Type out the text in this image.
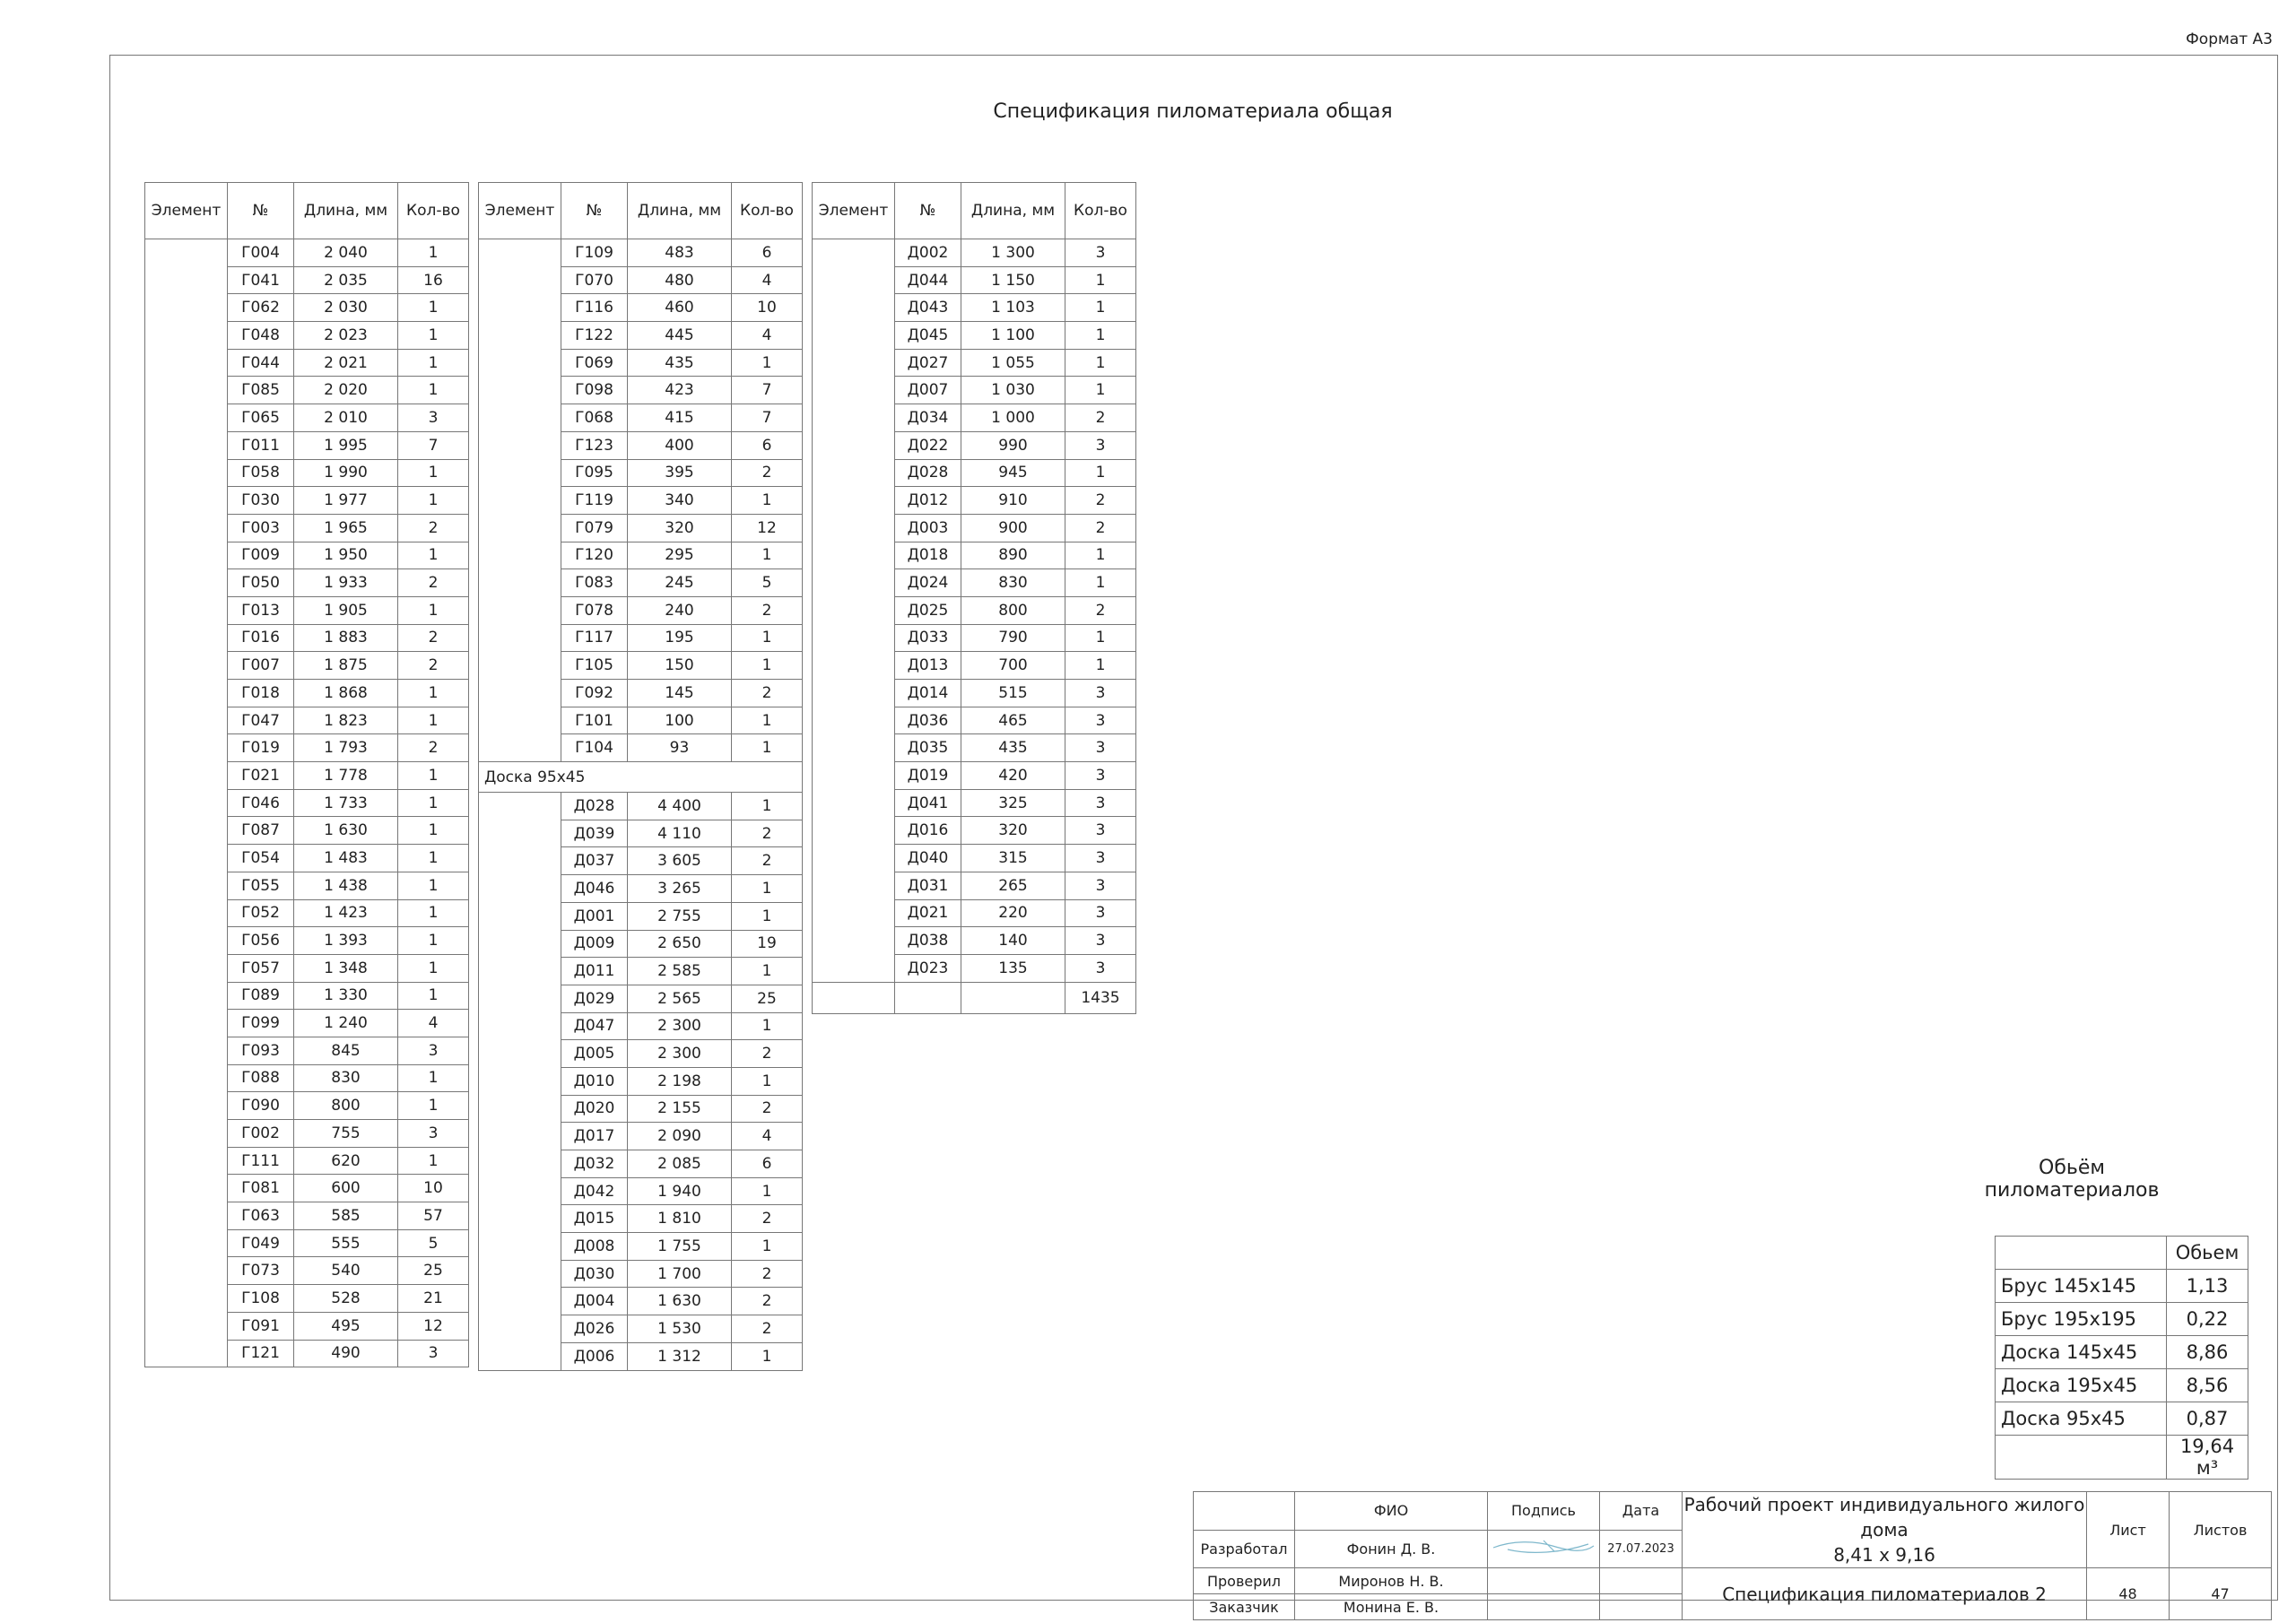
Формат А3
Спецификация пиломатериала общая
Элемент	№	Длина, мм	Кол-во
	Г004	2 040	1
	Г041	2 035	16
	Г062	2 030	1
	Г048	2 023	1
	Г044	2 021	1
	Г085	2 020	1
	Г065	2 010	3
	Г011	1 995	7
	Г058	1 990	1
	Г030	1 977	1
	Г003	1 965	2
	Г009	1 950	1
	Г050	1 933	2
	Г013	1 905	1
	Г016	1 883	2
	Г007	1 875	2
	Г018	1 868	1
	Г047	1 823	1
	Г019	1 793	2
	Г021	1 778	1
	Г046	1 733	1
	Г087	1 630	1
	Г054	1 483	1
	Г055	1 438	1
	Г052	1 423	1
	Г056	1 393	1
	Г057	1 348	1
	Г089	1 330	1
	Г099	1 240	4
	Г093	845	3
	Г088	830	1
	Г090	800	1
	Г002	755	3
	Г111	620	1
	Г081	600	10
	Г063	585	57
	Г049	555	5
	Г073	540	25
	Г108	528	21
	Г091	495	12
	Г121	490	3
Элемент	№	Длина, мм	Кол-во
	Г109	483	6
	Г070	480	4
	Г116	460	10
	Г122	445	4
	Г069	435	1
	Г098	423	7
	Г068	415	7
	Г123	400	6
	Г095	395	2
	Г119	340	1
	Г079	320	12
	Г120	295	1
	Г083	245	5
	Г078	240	2
	Г117	195	1
	Г105	150	1
	Г092	145	2
	Г101	100	1
	Г104	93	1
Доска 95х45			
	Д028	4 400	1
	Д039	4 110	2
	Д037	3 605	2
	Д046	3 265	1
	Д001	2 755	1
	Д009	2 650	19
	Д011	2 585	1
	Д029	2 565	25
	Д047	2 300	1
	Д005	2 300	2
	Д010	2 198	1
	Д020	2 155	2
	Д017	2 090	4
	Д032	2 085	6
	Д042	1 940	1
	Д015	1 810	2
	Д008	1 755	1
	Д030	1 700	2
	Д004	1 630	2
	Д026	1 530	2
	Д006	1 312	1
Элемент	№	Длина, мм	Кол-во
	Д002	1 300	3
	Д044	1 150	1
	Д043	1 103	1
	Д045	1 100	1
	Д027	1 055	1
	Д007	1 030	1
	Д034	1 000	2
	Д022	990	3
	Д028	945	1
	Д012	910	2
	Д003	900	2
	Д018	890	1
	Д024	830	1
	Д025	800	2
	Д033	790	1
	Д013	700	1
	Д014	515	3
	Д036	465	3
	Д035	435	3
	Д019	420	3
	Д041	325	3
	Д016	320	3
	Д040	315	3
	Д031	265	3
	Д021	220	3
	Д038	140	3
	Д023	135	3
			1435
Обьём пиломатериалов
	Обьем
Брус 145х145	1,13
Брус 195х195	0,22
Доска 145х45	8,86
Доска 195х45	8,56
Доска 95х45	0,87
	19,64 м³
	ФИО	Подпись	Дата	Рабочий проект индивидуального жилого дома
8,41 х 9,16	Лист	Листов
Разработал	Фонин Д. В.		27.07.2023			
Проверил	Миронов Н. В.			Спецификация пиломатериалов 2	48	47
Заказчик	Монина Е. В.					
